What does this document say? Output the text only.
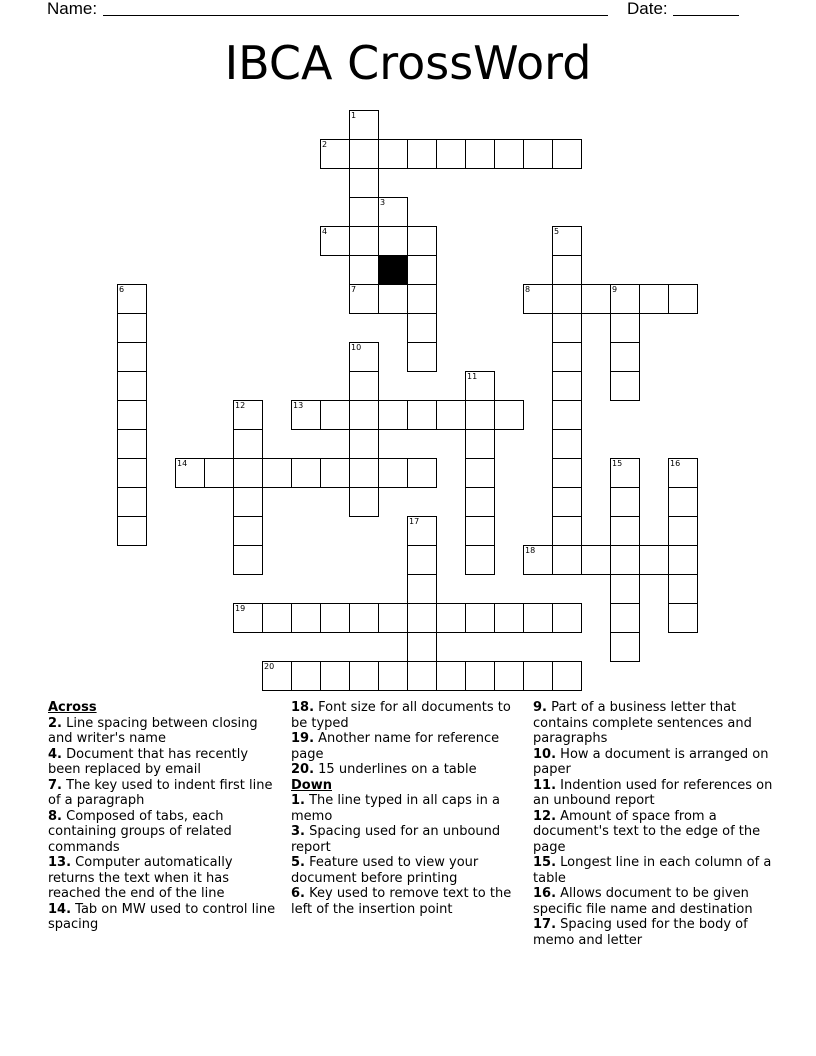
Name:	Date:
IBCA CrossWord
1
2
3
4	5
6	7	8	9
10
11
12	13
14	15	16
17
18
19
20
Across
2. Line spacing between closing and writer's name
4. Document that has recently been replaced by email
7. The key used to indent first line of a paragraph
8. Composed of tabs, each containing groups of related commands
13. Computer automatically returns the text when it has reached the end of the line
14. Tab on MW used to control line spacing
18. Font size for all documents to be typed
19. Another name for reference page
20. 15 underlines on a table
Down
1. The line typed in all caps in a memo
3. Spacing used for an unbound report
5. Feature used to view your document before printing
6. Key used to remove text to the left of the insertion point
9. Part of a business letter that contains complete sentences and paragraphs
10. How a document is arranged on paper
11. Indention used for references on an unbound report
12. Amount of space from a document's text to the edge of the page
15. Longest line in each column of a table
16. Allows document to be given specific file name and destination
17. Spacing used for the body of memo and letter
